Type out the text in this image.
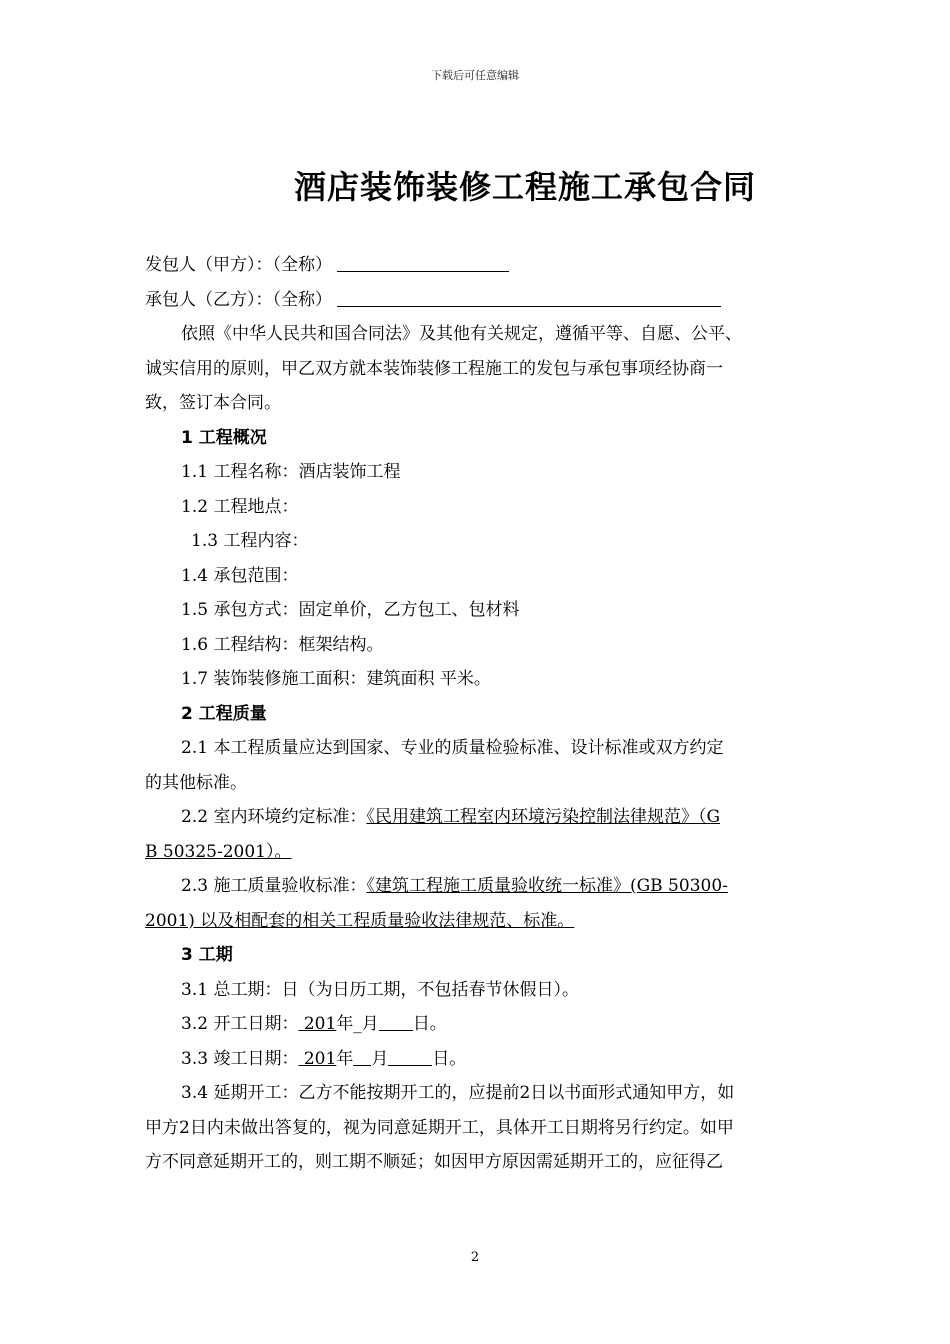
下载后可任意编辑
酒店装饰装修工程施工承包合同
发包人（甲方）：（全称）
承包人（乙方）：（全称）
依照《中华人民共和国合同法》及其他有关规定，遵循平等、自愿、公平、
诚实信用的原则，甲乙双方就本装饰装修工程施工的发包与承包事项经协商一
致，签订本合同。
1 工程概况
1.1 工程名称：酒店装饰工程
1.2 工程地点：
1.3 工程内容：
1.4 承包范围：
1.5 承包方式：固定单价，乙方包工、包材料
1.6 工程结构：框架结构。
1.7 装饰装修施工面积：建筑面积 平米。
2 工程质量
2.1 本工程质量应达到国家、专业的质量检验标准、设计标准或双方约定
的其他标准。
2.2 室内环境约定标准：《民用建筑工程室内环境污染控制法律规范》（G
B 50325-2001）。
2.3 施工质量验收标准：《建筑工程施工质量验收统一标准》(GB 50300-
2001) 以及相配套的相关工程质量验收法律规范、标准。
3 工期
3.1 总工期：日（为日历工期，不包括春节休假日）。
3.2 开工日期： 201年_月 日。
3.3 竣工日期： 201年 月	日。
3.4 延期开工：乙方不能按期开工的，应提前2日以书面形式通知甲方，如
甲方2日内未做出答复的，视为同意延期开工，具体开工日期将另行约定。如甲
方不同意延期开工的，则工期不顺延；如因甲方原因需延期开工的，应征得乙
2
